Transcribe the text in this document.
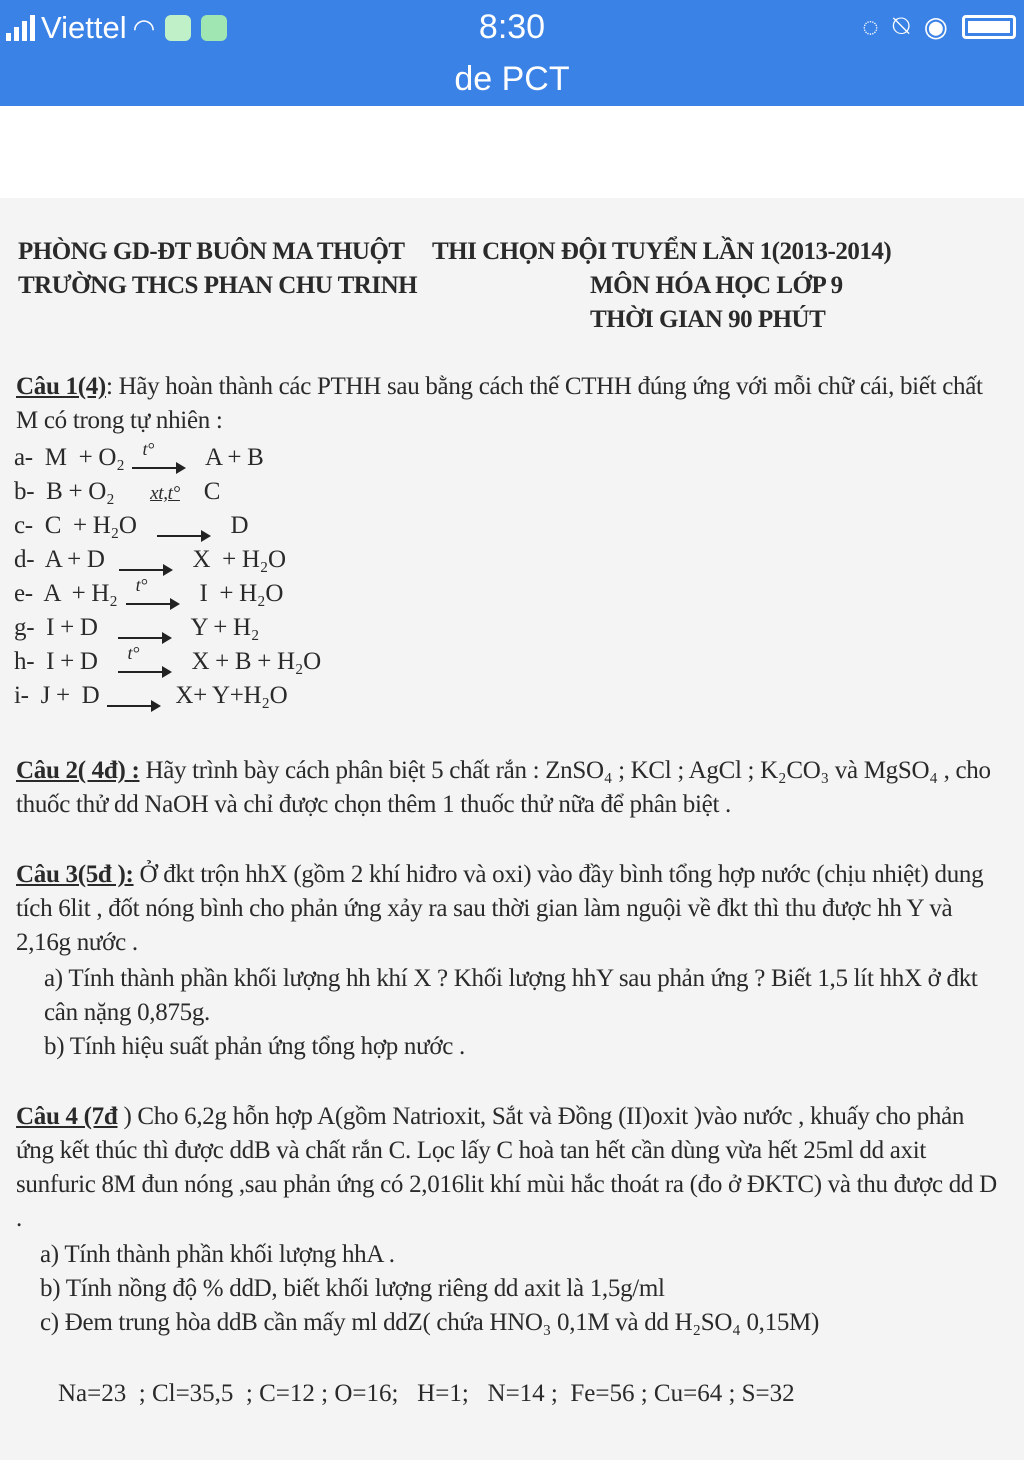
Viettel ◠	8:30
de PCT
◌ ⍉ ◉
PHÒNG GD-ĐT BUÔN MA THUỘT
TRƯỜNG THCS PHAN CHU TRINH
THI CHỌN ĐỘI TUYỂN LẦN 1(2013-2014)
MÔN HÓA HỌC LỚP 9
THỜI GIAN 90 PHÚT
Câu 1(4): Hãy hoàn thành các PTHH sau bằng cách thế CTHH đúng ứng với mỗi chữ cái, biết chất M có trong tự nhiên :
a- M  + O₂ t° A + B
b- B + O₂ xt,t° C
c- C  + H₂O	D
d- A + D	X  + H₂O
e- A  + H₂ t° I  + H₂O
g- I + D	Y + H₂
h- I + D t° X + B + H₂O
i- J +  D	X+ Y+H₂O
Câu 2( 4đ) : Hãy trình bày cách phân biệt 5 chất rắn : ZnSO₄ ; KCl ; AgCl ; K₂CO₃ và MgSO₄ , cho thuốc thử dd NaOH và chỉ được chọn thêm 1 thuốc thử nữa để phân biệt .
Câu 3(5đ ): Ở đkt trộn hhX (gồm 2 khí hiđro và oxi) vào đầy bình tổng hợp nước (chịu nhiệt) dung tích 6lit , đốt nóng bình cho phản ứng xảy ra sau thời gian làm nguội về đkt thì thu được hh Y và 2,16g nước .
a) Tính thành phần khối lượng hh khí X ? Khối lượng hhY sau phản ứng ? Biết 1,5 lít hhX ở đkt cân nặng 0,875g.
b) Tính hiệu suất phản ứng tổng hợp nước .
Câu 4 (7đ ) Cho 6,2g hỗn hợp A(gồm Natrioxit, Sắt và Đồng (II)oxit )vào nước , khuấy cho phản ứng kết thúc thì được ddB và chất rắn C. Lọc lấy C hoà tan hết cần dùng vừa hết 25ml dd axit sunfuric 8M đun nóng ,sau phản ứng có 2,016lit khí mùi hắc thoát ra (đo ở ĐKTC) và thu được dd D .
a) Tính thành phần khối lượng hhA .
b) Tính nồng độ % ddD, biết khối lượng riêng dd axit là 1,5g/ml
c) Đem trung hòa ddB cần mấy ml ddZ( chứa HNO₃ 0,1M và dd H₂SO₄ 0,15M)
Na=23  ; Cl=35,5  ; C=12 ; O=16;   H=1;   N=14 ;  Fe=56 ; Cu=64 ; S=32
